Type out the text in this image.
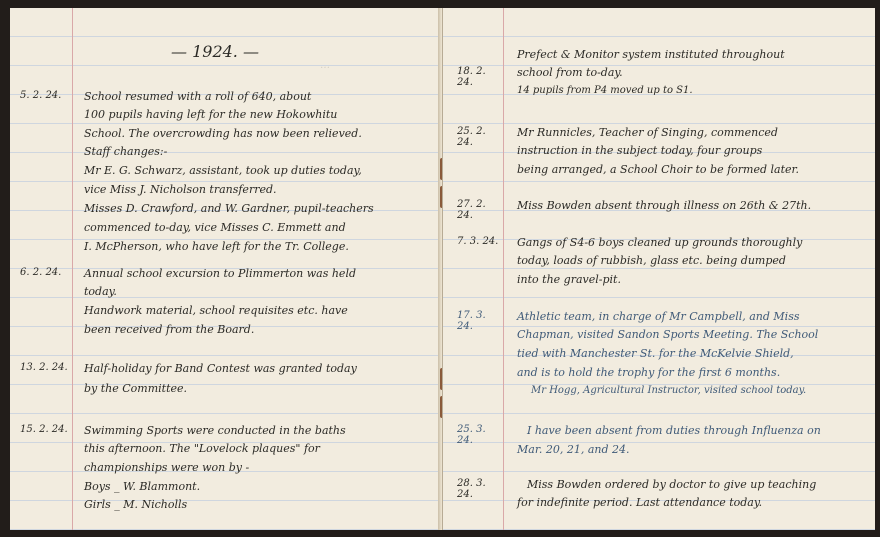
— 1924. —
5. 2. 24.	School resumed with a roll of 640, about
100 pupils having left for the new Hokowhitu
School. The overcrowding has now been relieved.
Staff changes:-
Mr E. G. Schwarz, assistant, took up duties today,
vice Miss J. Nicholson transferred.
Misses D. Crawford, and W. Gardner, pupil-teachers
commenced to-day, vice Misses C. Emmett and
I. McPherson, who have left for the Tr. College.
6. 2. 24.	Annual school excursion to Plimmerton was held
today.
Handwork material, school requisites etc. have
been received from the Board.
13. 2. 24. Half-holiday for Band Contest was granted today
by the Committee.
15. 2. 24. Swimming Sports were conducted in the baths
this afternoon. The "Lovelock plaques" for
championships were won by -
Boys _ W. Blammont.
Girls _ M. Nicholls
…
18. 2. 24.
Prefect & Monitor system instituted throughout
school from to-day.
14 pupils from P4 moved up to S1.
25. 2. 24.
Mr Runnicles, Teacher of Singing, commenced
instruction in the subject today, four groups
being arranged, a School Choir to be formed later.
27. 2. 24.
Miss Bowden absent through illness on 26th & 27th.
7. 3. 24. Gangs of S4-6 boys cleaned up grounds thoroughly
today, loads of rubbish, glass etc. being dumped
into the gravel-pit.
17. 3. 24.
Athletic team, in charge of Mr Campbell, and Miss
Chapman, visited Sandon Sports Meeting. The School
tied with Manchester St. for the McKelvie Shield,
and is to hold the trophy for the first 6 months.
Mr Hogg, Agricultural Instructor, visited school today.
25. 3. 24.
I have been absent from duties through Influenza on
Mar. 20, 21, and 24.
28. 3. 24.
Miss Bowden ordered by doctor to give up teaching
for indefinite period. Last attendance today.
